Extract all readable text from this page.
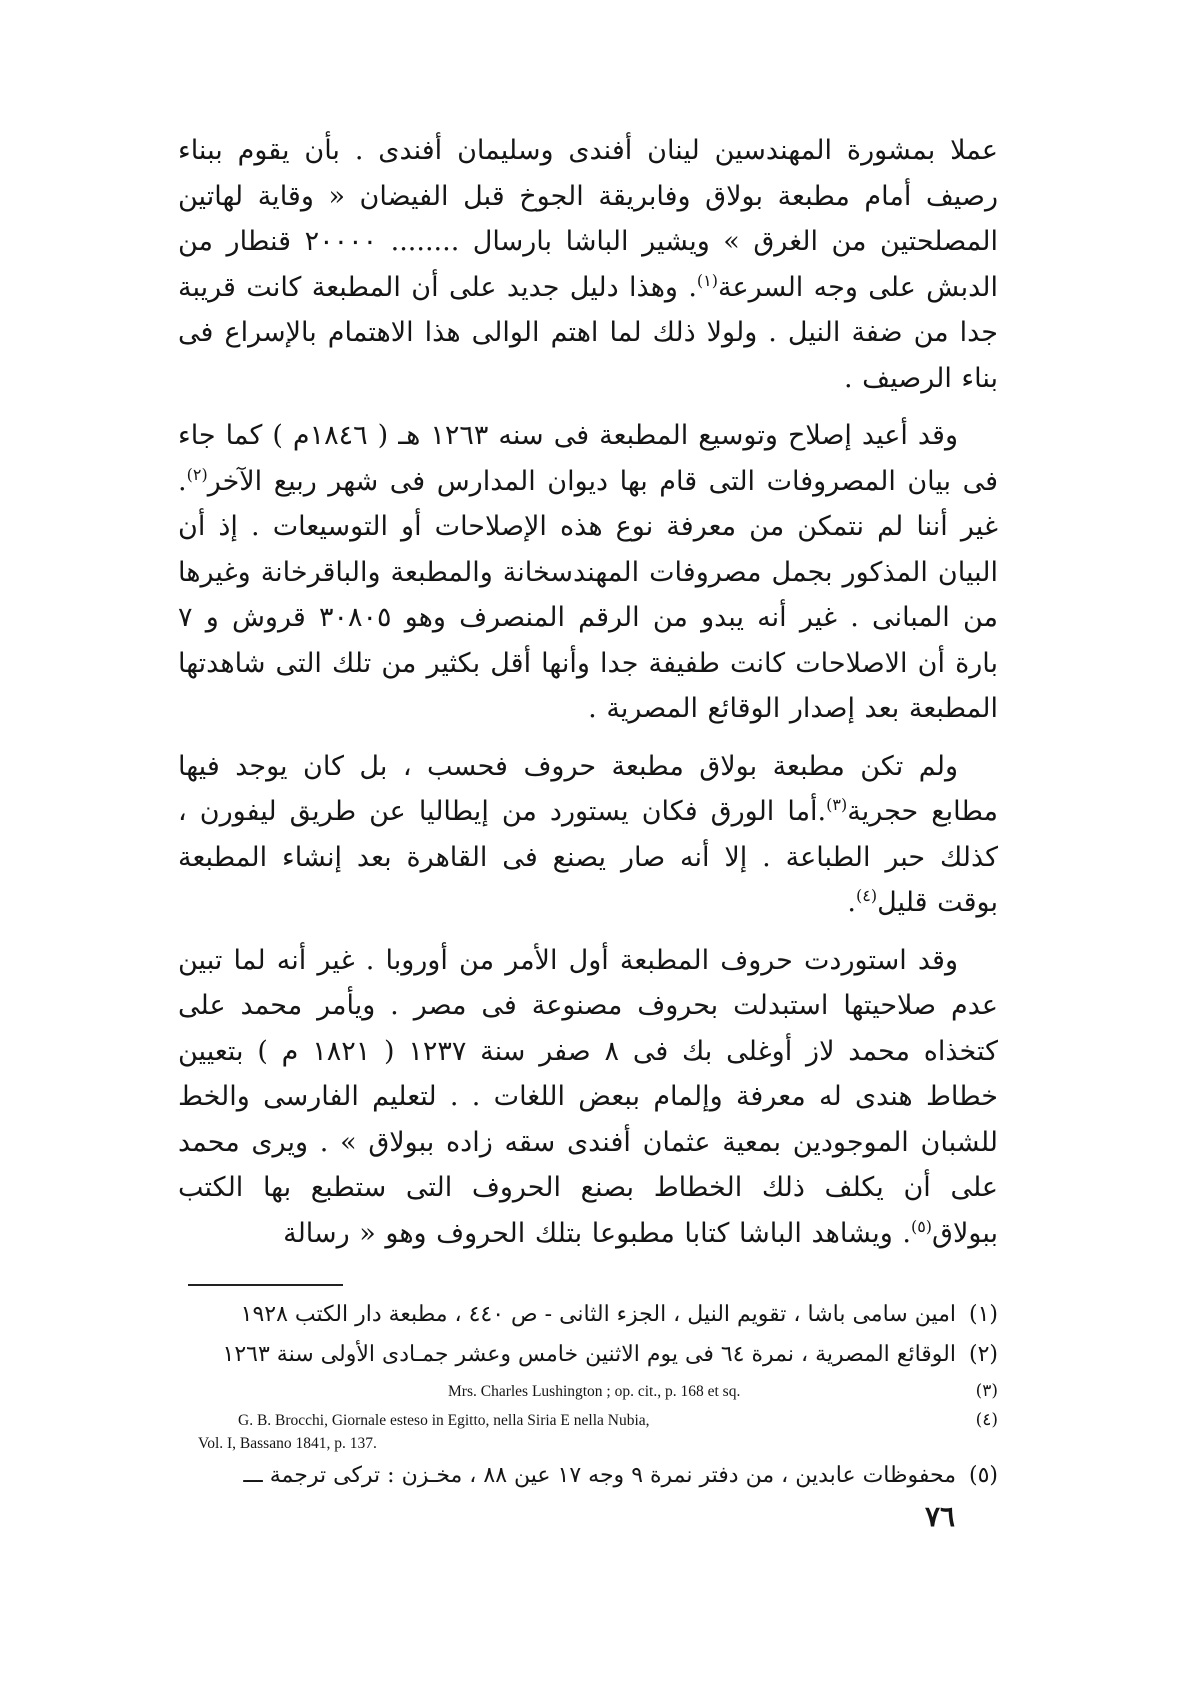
عملا بمشورة المهندسين لينان أفندى وسليمان أفندى . بأن يقوم ببناء رصيف أمام مطبعة بولاق وفابريقة الجوخ قبل الفيضان « وقاية لهاتين المصلحتين من الغرق » ويشير الباشا بارسال ........ ٢٠٠٠٠ قنطار من الدبش على وجه السرعة$^{(١)}$. وهذا دليل جديد على أن المطبعة كانت قريبة جدا من ضفة النيل . ولولا ذلك لما اهتم الوالى هذا الاهتمام بالإسراع فى بناء الرصيف .

وقد أعيد إصلاح وتوسيع المطبعة فى سنه ١٢٦٣ هـ ( ١٨٤٦م ) كما جاء فى بيان المصروفات التى قام بها ديوان المدارس فى شهر ربيع الآخر$^{(٢)}$. غير أننا لم نتمكن من معرفة نوع هذه الإصلاحات أو التوسيعات . إذ أن البيان المذكور بجمل مصروفات المهندسخانة والمطبعة والباقرخانة وغيرها من المبانى . غير أنه يبدو من الرقم المنصرف وهو ٣٠٨٠٥ قروش و ٧ بارة أن الاصلاحات كانت طفيفة جدا وأنها أقل بكثير من تلك التى شاهدتها المطبعة بعد إصدار الوقائع المصرية .

ولم تكن مطبعة بولاق مطبعة حروف فحسب ، بل كان يوجد فيها مطابع حجرية$^{(٣)}$.أما الورق فكان يستورد من إيطاليا عن طريق ليفورن ، كذلك حبر الطباعة . إلا أنه صار يصنع فى القاهرة بعد إنشاء المطبعة بوقت قليل$^{(٤)}$.

وقد استوردت حروف المطبعة أول الأمر من أوروبا . غير أنه لما تبين عدم صلاحيتها استبدلت بحروف مصنوعة فى مصر . ويأمر محمد على كتخذاه محمد لاز أوغلى بك فى ٨ صفر سنة ١٢٣٧ ( ١٨٢١ م ) بتعيين خطاط هندى له معرفة وإلمام ببعض اللغات . . لتعليم الفارسى والخط للشبان الموجودين بمعية عثمان أفندى سقه زاده ببولاق » . ويرى محمد على أن يكلف ذلك الخطاط بصنع الحروف التى ستطبع بها الكتب ببولاق$^{(٥)}$. ويشاهد الباشا كتابا مطبوعا بتلك الحروف وهو « رسالة

(١) امين سامى باشا ، تقويم النيل ، الجزء الثانى - ص ٤٤٠ ، مطبعة دار الكتب ١٩٢٨
(٢) الوقائع المصرية ، نمرة ٦٤ فى يوم الاثنين خامس وعشر جمـادى الأولى سنة ١٢٦٣
Mrs. Charles Lushington ; op. cit., p. 168 et sq.	(٣)
G. B. Brocchi, Giornale esteso in Egitto, nella Siria E nella Nubia,
Vol. I, Bassano 1841, p. 137.
(٤)
(٥) محفوظات عابدين ، من دفتر نمرة ٩ وجه ١٧ عين ٨٨ ، مخـزن : تركى ترجمة ـــ
٧٦
